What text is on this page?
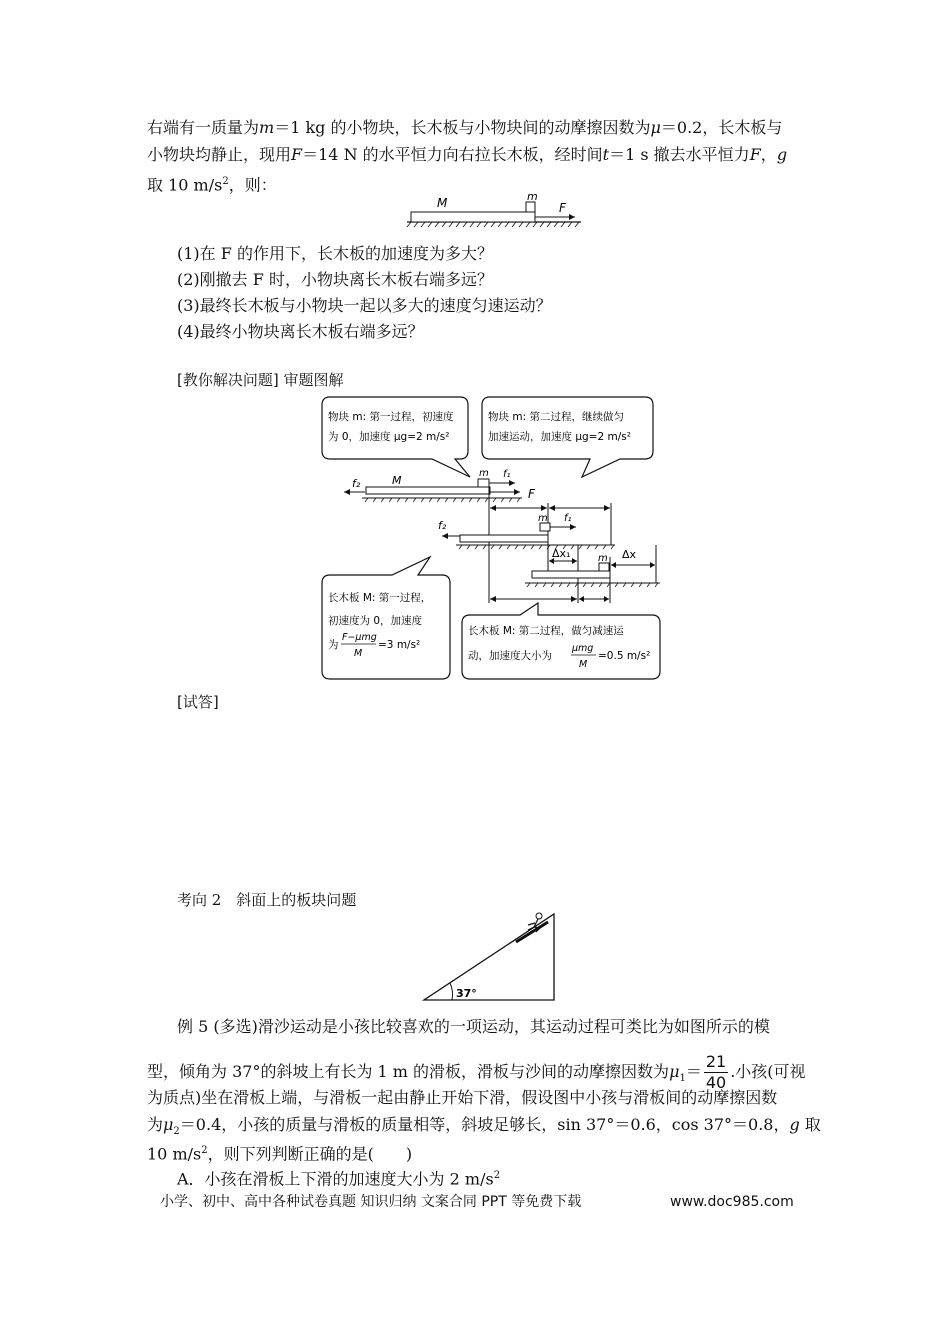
右端有一质量为m＝1 kg 的小物块，长木板与小物块间的动摩擦因数为μ＝0.2，长木板与
小物块均静止，现用F＝14 N 的水平恒力向右拉长木板，经时间t＝1 s 撤去水平恒力F，g
取 10 $m/s^2$，则：
M	m
F
(1)在 F 的作用下，长木板的加速度为多大？
(2)刚撤去 F 时，小物块离长木板右端多远？
(3)最终长木板与小物块一起以多大的速度匀速运动？
(4)最终小物块离长木板右端多远？
[教你解决问题] 审题图解
物块 m: 第一过程，初速度
为 0，加速度 μg=2 m/s²
物块 m: 第二过程，继续做匀
加速运动，加速度 μg=2 m/s²
f₂	M
m f₁
F
f₂
m f₁
Δx₁	m Δx
长木板 M: 第一过程，
初速度为 0，加速度
为
F−μmg
M
=3 m/s²
长木板 M: 第二过程，做匀减速运
动，加速度大小为
μmg
M
=0.5 m/s²
[试答]
考向 2　斜面上的板块问题
37°
例 5 (多选)滑沙运动是小孩比较喜欢的一项运动，其运动过程可类比为如图所示的模
型，倾角为 37°的斜坡上有长为 1 m 的滑板，滑板与沙间的动摩擦因数为$\mu_1= \frac{21}{40}$ .小孩(可视
为质点)坐在滑板上端，与滑板一起由静止开始下滑，假设图中小孩与滑板间的动摩擦因数
为$\mu_2=0.4$，小孩的质量与滑板的质量相等，斜坡足够长，sin 37°＝0.6，cos 37°＝0.8，g 取
10 $m/s^2$，则下列判断正确的是(　　)
A．小孩在滑板上下滑的加速度大小为 2 $m/s^2$
小学、初中、高中各种试卷真题 知识归纳 文案合同 PPT 等免费下载	www.doc985.com
